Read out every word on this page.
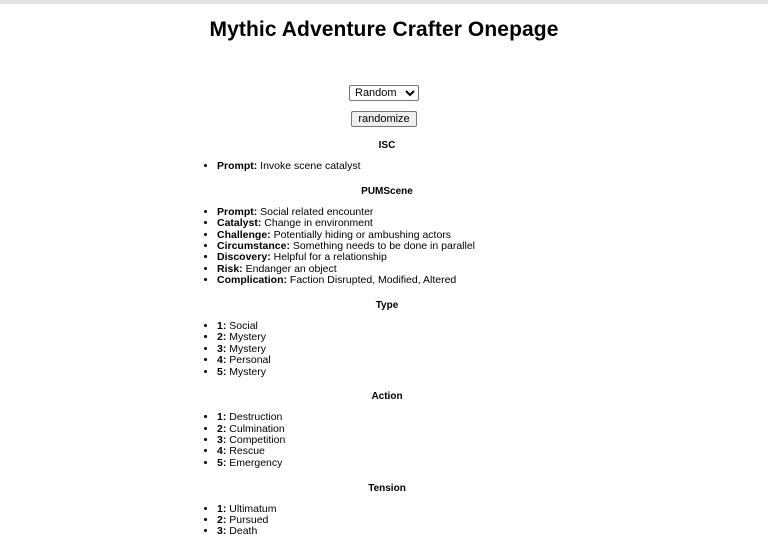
Mythic Adventure Crafter Onepage
Random
randomize
ISC
• Prompt: Invoke scene catalyst
PUMScene
• Prompt: Social related encounter
• Catalyst: Change in environment
• Challenge: Potentially hiding or ambushing actors
• Circumstance: Something needs to be done in parallel
• Discovery: Helpful for a relationship
• Risk: Endanger an object
• Complication: Faction Disrupted, Modified, Altered
Type
• 1: Social
• 2: Mystery
• 3: Mystery
• 4: Personal
• 5: Mystery
Action
• 1: Destruction
• 2: Culmination
• 3: Competition
• 4: Rescue
• 5: Emergency
Tension
• 1: Ultimatum
• 2: Pursued
• 3: Death
